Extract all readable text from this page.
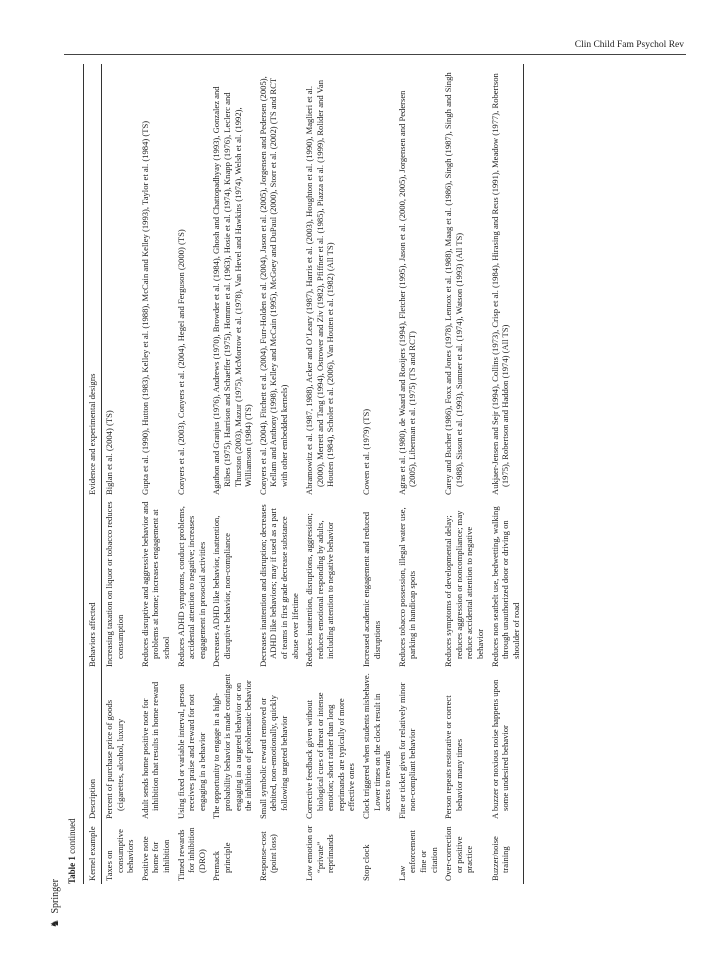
Clin Child Fam Psychol Rev
♞ Springer
Table 1 continued Kernel example	Description	Behaviors affected	Evidence and experimental designs
Taxes on consumptive behaviors	Percent of purchase price of goods (cigarettes, alcohol, luxury	Increasing taxation on liquor or tobacco reduces consumption	Biglan et al. (2004) (TS)
Positive note home for inhibition	Adult sends home positive note for inhibition that results in home reward	Reduces disruptive and aggressive behavior and problems at home; increases engagement at school	Gupta et al. (1990), Hutton (1983), Kelley et al. (1988), McCain and Kelley (1993), Taylor et al. (1984) (TS)
Timed rewards for inhibition (DRO)	Using fixed or variable interval, person receives praise and reward for not engaging in a behavior	Reduces ADHD symptoms, conduct problems, accidental attention to negative; increases engagement in prosocial activities	Conyers et al. (2003), Conyers et al. (2004), Hegel and Ferguson (2000) (TS)
Premack principle	The opportunity to engage in a high-probability behavior is made contingent engaging in a targeted behavior or on the inhibition of problematic behavior	Decreases ADHD like behavior, inattention, disruptive behavior, non-compliance	Agathon and Granjus (1976), Andrews (1970), Browder et al. (1984), Ghosh and Chattopadhyay (1993), Gonzalez and Ribes (1975), Harrison and Schaeffer (1975), Homme et al. (1963), Hosie et al. (1974), Knapp (1976), Leclerc and Thurston (2003), Mazur (1975), McMorrow et al. (1978), Van Hevel and Hawkins (1974), Welsh et al. (1992), Williamson (1984) (TS)
Response-cost (point loss)	Small symbolic reward removed or debited, non-emotionally, quickly following targeted behavior	Decreases inattention and disruption; decreases ADHD like behaviors; may if used as a part of teams in first grade decrease substance abuse over lifetime	Conyers et al. (2004), Fitchett et al. (2004), Furr-Holden et al. (2004), Jason et al. (2005), Jorgensen and Pedersen (2005), Kellam and Anthony (1998), Kelley and McCain (1995), McGoey and DuPaul (2000), Storr et al. (2002) (TS and RCT with other embedded kernels)
Low emotion or “private” reprimands	Corrective feedback given without biological cues of threat or intense emotion; short rather than long reprimands are typically of more effective ones	Reduces inattention, disruptions, aggression; reduces emotional responding by adults, including attention to negative behavior	Abramowitz et al. (1987, 1988), Acker and O’Leary (1987), Harris et al. (2003), Houghton et al. (1990), Maglieri et al. (2000), Merrett and Tang (1994), Ostrower and Ziv (1982), Pfiffner et al. (1985), Piazza et al. (1999), Rolider and Van Houten (1984), Scholer et al. (2006), Van Houten et al. (1982) (All TS)
Stop clock	Clock triggered when students misbehave. Lower times on the clock result in access to rewards	Increased academic engagement and reduced disruptions	Cowen et al. (1979) (TS)
Law enforcement fine or citation	Fine or ticket given for relatively minor non-compliant behavior	Reduces tobacco possession, illegal water use, parking in handicap spots	Agras et al. (1980), de Waard and Rooijers (1994), Fletcher (1995), Jason et al. (2000, 2005), Jorgensen and Pedersen (2005), Liberman et al. (1975) (TS and RCT)
Over-correction or positive practice	Person repeats restorative or correct behavior many times	Reduces symptoms of developmental delay; reduces aggression or noncompliance; may reduce accidental attention to negative behavior	Carey and Bucher (1986), Foxx and Jones (1978), Lennox et al. (1988), Maag et al. (1986), Singh (1987), Singh and Singh (1988), Sisson et al. (1993), Sumner et al. (1974), Watson (1993) (All TS)
Buzzer/noise training	A buzzer or noxious noise happens upon some undesired behavior	Reduces non seatbelt use, bedwetting, walking through unauthorized door or driving on shoulder of road	Aukjaer-Jensen and Sejr (1994), Collins (1973), Crisp et al. (1984), Hirasing and Reus (1991), Meadow (1977), Robertson (1975), Robertson and Haddon (1974) (All TS)
